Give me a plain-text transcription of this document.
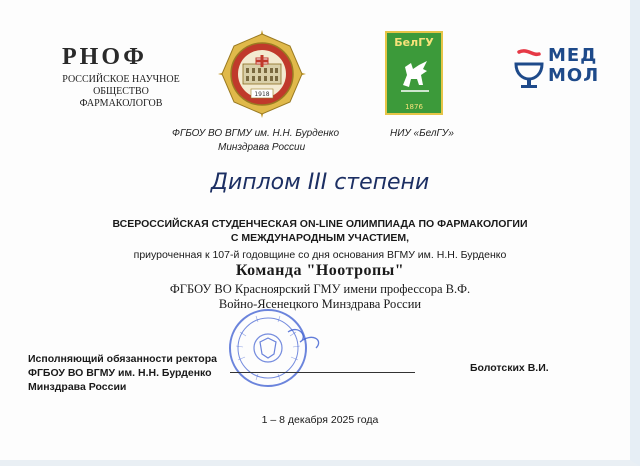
РНОФ
РОССИЙСКОЕ НАУЧНОЕ ОБЩЕСТВО ФАРМАКОЛОГОВ
1918
БелГУ
1876
МЕД
МОЛ
ФГБОУ ВО ВГМУ им. Н.Н. Бурденко
Минздрава России
НИУ «БелГУ»
Диплом III степени
ВСЕРОССИЙСКАЯ СТУДЕНЧЕСКАЯ ON-LINE ОЛИМПИАДА ПО ФАРМАКОЛОГИИ
С МЕЖДУНАРОДНЫМ УЧАСТИЕМ,
приуроченная к 107-й годовщине со дня основания ВГМУ им. Н.Н. Бурденко
Команда "Ноотропы"
ФГБОУ ВО Красноярский ГМУ имени профессора В.Ф.
Войно-Ясенецкого Минздрава России
Исполняющий обязанности ректора
ФГБОУ ВО ВГМУ им. Н.Н. Бурденко
Минздрава России
Болотских В.И.
1 – 8 декабря 2025 года
